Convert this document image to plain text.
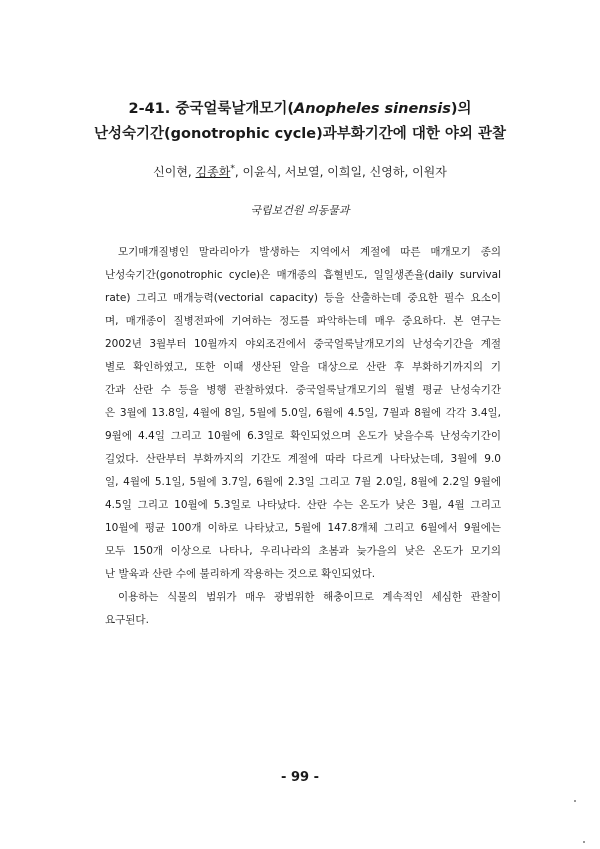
2-41. 중국얼룩날개모기(Anopheles sinensis)의
난성숙기간(gonotrophic cycle)과부화기간에 대한 야외 관찰
신이현, 김종화*, 이윤식, 서보열, 이희일, 신영하, 이원자
국립보건원 의동물과
모기매개질병인 말라리아가 발생하는 지역에서 계절에 따른 매개모기 종의
난성숙기간(gonotrophic cycle)은 매개종의 흡혈빈도, 일일생존율(daily survival
rate) 그리고 매개능력(vectorial capacity) 등을 산출하는데 중요한 필수 요소이
며, 매개종이 질병전파에 기여하는 정도를 파악하는데 매우 중요하다. 본 연구는
2002년 3월부터 10월까지 야외조건에서 중국얼룩날개모기의 난성숙기간을 계절
별로 확인하였고, 또한 이때 생산된 알을 대상으로 산란 후 부화하기까지의 기
간과 산란 수 등을 병행 관찰하였다. 중국얼룩날개모기의 월별 평균 난성숙기간
은 3월에 13.8일, 4월에 8일, 5월에 5.0일, 6월에 4.5일, 7월과 8월에 각각 3.4일,
9월에 4.4일 그리고 10월에 6.3일로 확인되었으며 온도가 낮을수록 난성숙기간이
길었다. 산란부터 부화까지의 기간도 계절에 따라 다르게 나타났는데, 3월에 9.0
일, 4월에 5.1일, 5월에 3.7일, 6월에 2.3일 그리고 7월 2.0일, 8월에 2.2일 9월에
4.5일 그리고 10월에 5.3일로 나타났다. 산란 수는 온도가 낮은 3월, 4월 그리고
10월에 평균 100개 이하로 나타났고, 5월에 147.8개체 그리고 6월에서 9월에는
모두 150개 이상으로 나타나, 우리나라의 초봄과 늦가을의 낮은 온도가 모기의
난 발육과 산란 수에 불리하게 작용하는 것으로 확인되었다.
이용하는 식물의 범위가 매우 광범위한 해충이므로 계속적인 세심한 관찰이
요구된다.
- 99 -
